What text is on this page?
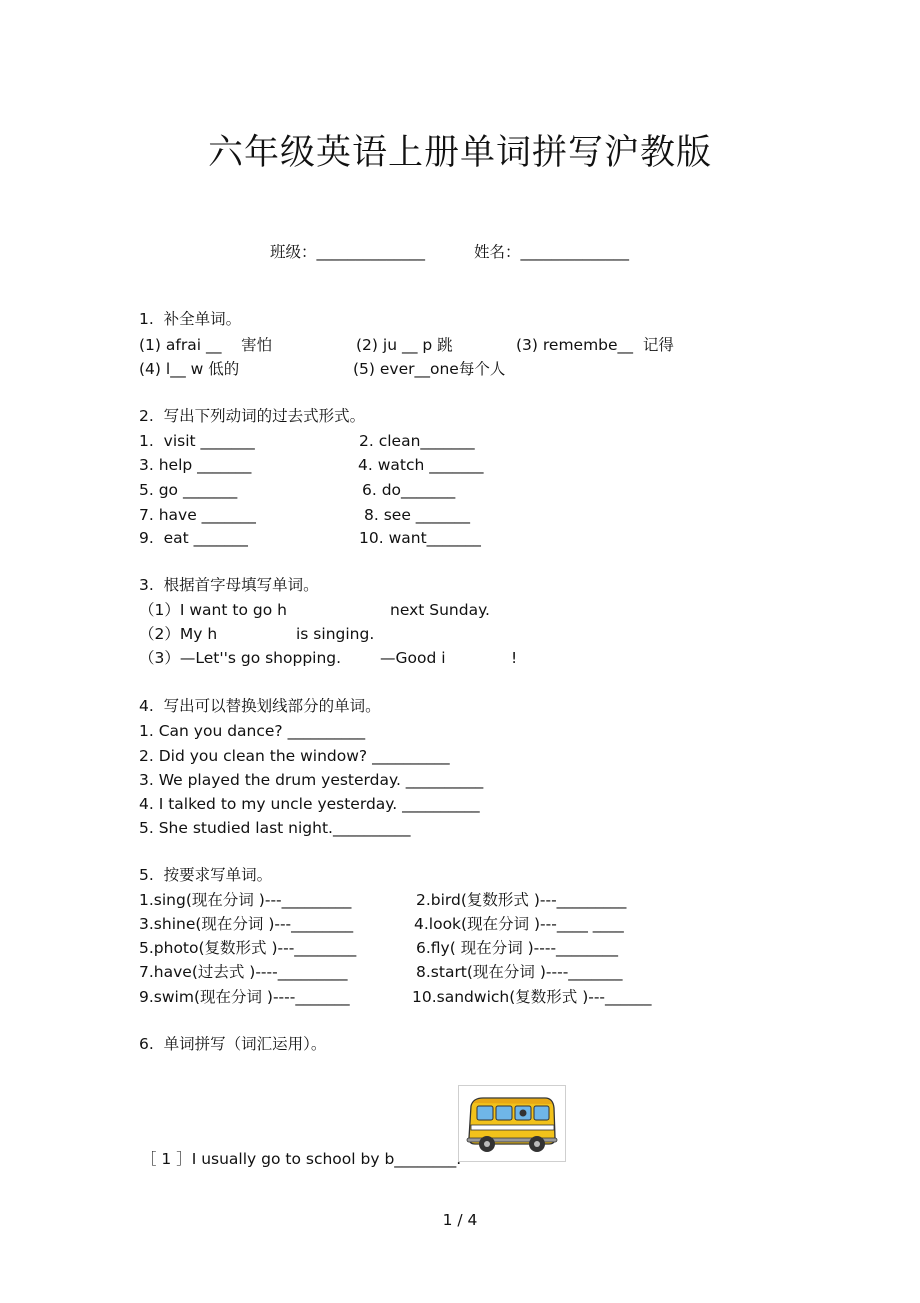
六年级英语上册单词拼写沪教版

班级：______________	姓名：______________

1.  补全单词。

(1) afrai __    害怕	(2) ju __ p 跳	(3) remembe__  记得

(4) l__ w 低的	(5) ever__one每个人

2.  写出下列动词的过去式形式。

1.  visit _______	2. clean_______

3. help _______	4. watch _______

5. go _______	6. do_______

7. have _______	8. see _______

9.  eat _______	10. want_______

3.  根据首字母填写单词。

（1）I want to go h	next Sunday.

（2）My h	is singing.

（3）—Let''s go shopping.	—Good i	!

4.  写出可以替换划线部分的单词。

1. Can you dance? __________

2. Did you clean the window? __________

3. We played the drum yesterday. __________

4. I talked to my uncle yesterday. __________

5. She studied last night.__________

5.  按要求写单词。

1.sing(现在分词 )---_________	2.bird(复数形式 )---_________

3.shine(现在分词 )---________	4.look(现在分词 )---____ ____

5.photo(复数形式 )---________	6.fly( 现在分词 )----________

7.have(过去式 )----_________	8.start(现在分词 )----_______

9.swim(现在分词 )----_______	10.sandwich(复数形式 )---______

6.  单词拼写（词汇运用）。

［ 1 ］I usually go to school by b________.

1 / 4
